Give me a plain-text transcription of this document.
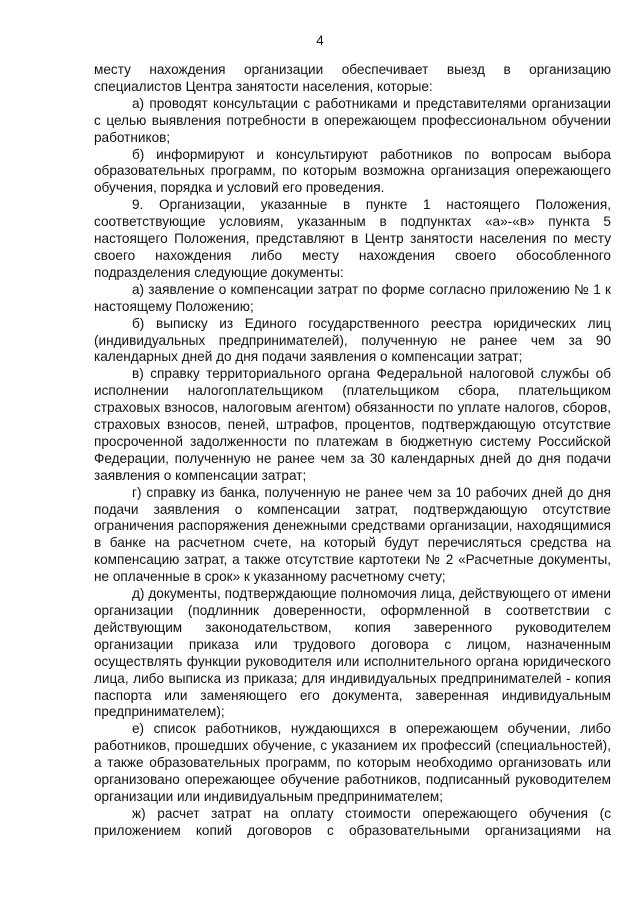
4

месту нахождения организации обеспечивает выезд в организацию специалистов Центра занятости населения, которые:

а) проводят консультации с работниками и представителями организации с целью выявления потребности в опережающем профессиональном обучении работников;

б) информируют и консультируют работников по вопросам выбора образовательных программ, по которым возможна организация опережающего обучения, порядка и условий его проведения.

9. Организации, указанные в пункте 1 настоящего Положения, соответствующие условиям, указанным в подпунктах «а»-«в» пункта 5 настоящего Положения, представляют в Центр занятости населения по месту своего нахождения либо месту нахождения своего обособленного подразделения следующие документы:

а) заявление о компенсации затрат по форме согласно приложению № 1 к настоящему Положению;

б) выписку из Единого государственного реестра юридических лиц (индивидуальных предпринимателей), полученную не ранее чем за 90 календарных дней до дня подачи заявления о компенсации затрат;

в) справку территориального органа Федеральной налоговой службы об исполнении налогоплательщиком (плательщиком сбора, плательщиком страховых взносов, налоговым агентом) обязанности по уплате налогов, сборов, страховых взносов, пеней, штрафов, процентов, подтверждающую отсутствие просроченной задолженности по платежам в бюджетную систему Российской Федерации, полученную не ранее чем за 30 календарных дней до дня подачи заявления о компенсации затрат;

г) справку из банка, полученную не ранее чем за 10 рабочих дней до дня подачи заявления о компенсации затрат, подтверждающую отсутствие ограничения распоряжения денежными средствами организации, находящимися в банке на расчетном счете, на который будут перечисляться средства на компенсацию затрат, а также отсутствие картотеки № 2 «Расчетные документы, не оплаченные в срок» к указанному расчетному счету;

д) документы, подтверждающие полномочия лица, действующего от имени организации (подлинник доверенности, оформленной в соответствии с действующим законодательством, копия заверенного руководителем организации приказа или трудового договора с лицом, назначенным осуществлять функции руководителя или исполнительного органа юридического лица, либо выписка из приказа; для индивидуальных предпринимателей - копия паспорта или заменяющего его документа, заверенная индивидуальным предпринимателем);

е) список работников, нуждающихся в опережающем обучении, либо работников, прошедших обучение, с указанием их профессий (специальностей), а также образовательных программ, по которым необходимо организовать или организовано опережающее обучение работников, подписанный руководителем организации или индивидуальным предпринимателем;

ж) расчет затрат на оплату стоимости опережающего обучения (с приложением копий договоров с образовательными организациями на
